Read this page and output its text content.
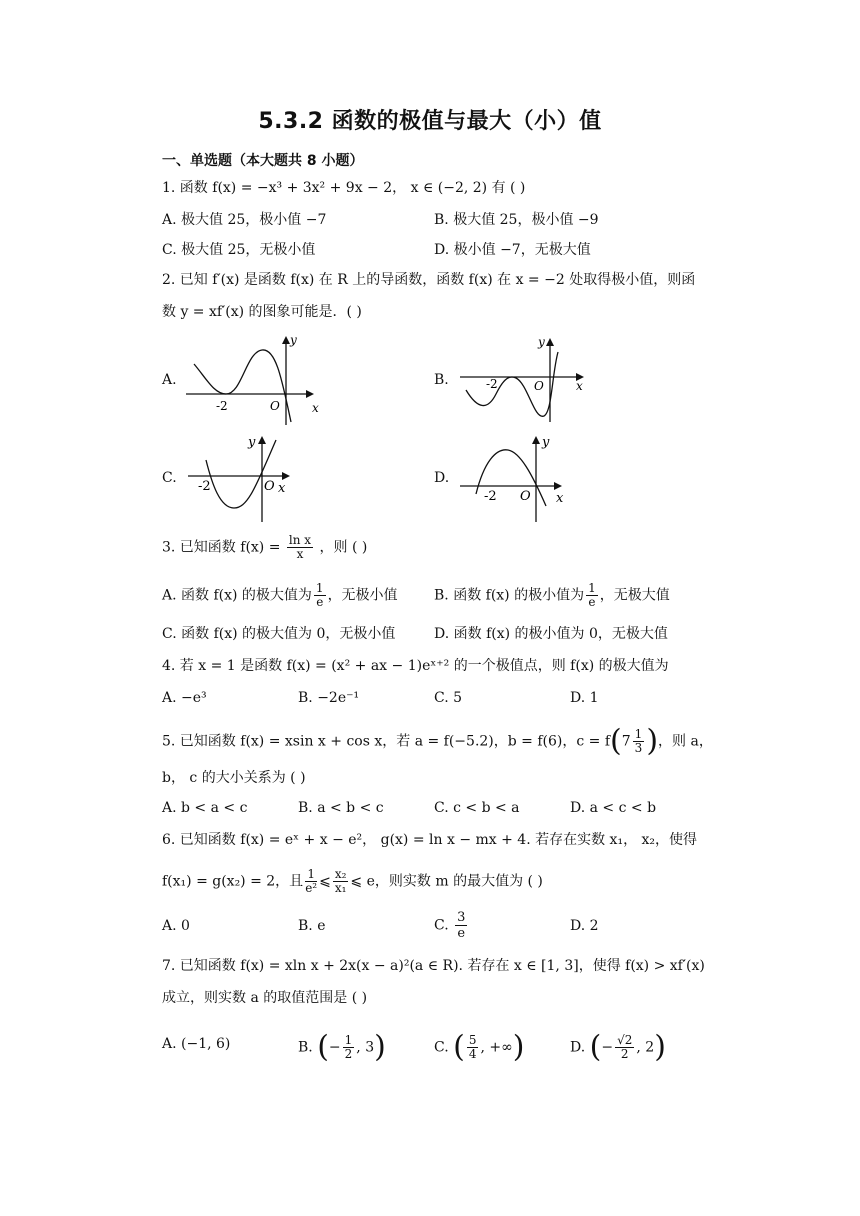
5.3.2 函数的极值与最大（小）值
一、单选题（本大题共 8 小题）
1. 函数 f(x) = −x³ + 3x² + 9x − 2， x ∈ (−2, 2) 有 ( )
A. 极大值 25，极小值 −7	B. 极大值 25，极小值 −9
C. 极大值 25，无极小值	D. 极小值 −7，无极大值
2. 已知 f′(x) 是函数 f(x) 在 R 上的导函数，函数 f(x) 在 x = −2 处取得极小值，则函
数 y = xf′(x) 的图象可能是．( )
A.	B.
C.	D.
y
x
O
-2
y
x
O
-2
y
x
O
-2
y
x
O
-2
3. 已知函数 $f(x) = \frac{\text{ln x}}{x}$ ，则 ( )
A. 函数 f(x) 的极大值为 $\frac{1}{e}$ ，无极小值	B. 函数 f(x) 的极小值为 $\frac{1}{e}$ ，无极大值
C. 函数 f(x) 的极大值为 0，无极小值	D. 函数 f(x) 的极小值为 0，无极大值
4. 若 x = 1 是函数 f(x) = (x² + ax − 1)eˣ⁺² 的一个极值点，则 f(x) 的极大值为
A. −e³	B. −2e⁻¹	C. 5	D. 1
5. 已知函数 f(x) = xsin x + cos x，若 a = f(−5.2)，b = f(6)，$c = f(7 \frac{1}{3}$ )，则 a，
b， c 的大小关系为 ( )
A. b < a < c	B. a < b < c	C. c < b < a	D. a < c < b
6. 已知函数 f(x) = eˣ + x − e²， g(x) = ln x − mx + 4. 若存在实数 x₁， x₂，使得
f(x₁) = g(x₂) = 2，且 $\frac{1}{\text{e²}}$ ⩽ $\frac{\text{x₂}}{\text{x₁}}$ ⩽ e，则实数 m 的最大值为 ( )
A. 0	B. e	C. $\frac{3}{e}$	D. 2
7. 已知函数 f(x) = xln x + 2x(x − a)²(a ∈ R). 若存在 x ∈ [1, 3]，使得 f(x) > xf′(x)
成立，则实数 a 的取值范围是 ( )
A. (−1, 6)	B. (− $\frac{1}{2}$ , 3)	C. ( $\frac{5}{4}$ , +∞)	D. (− $\frac{√2}{2}$ , 2)
